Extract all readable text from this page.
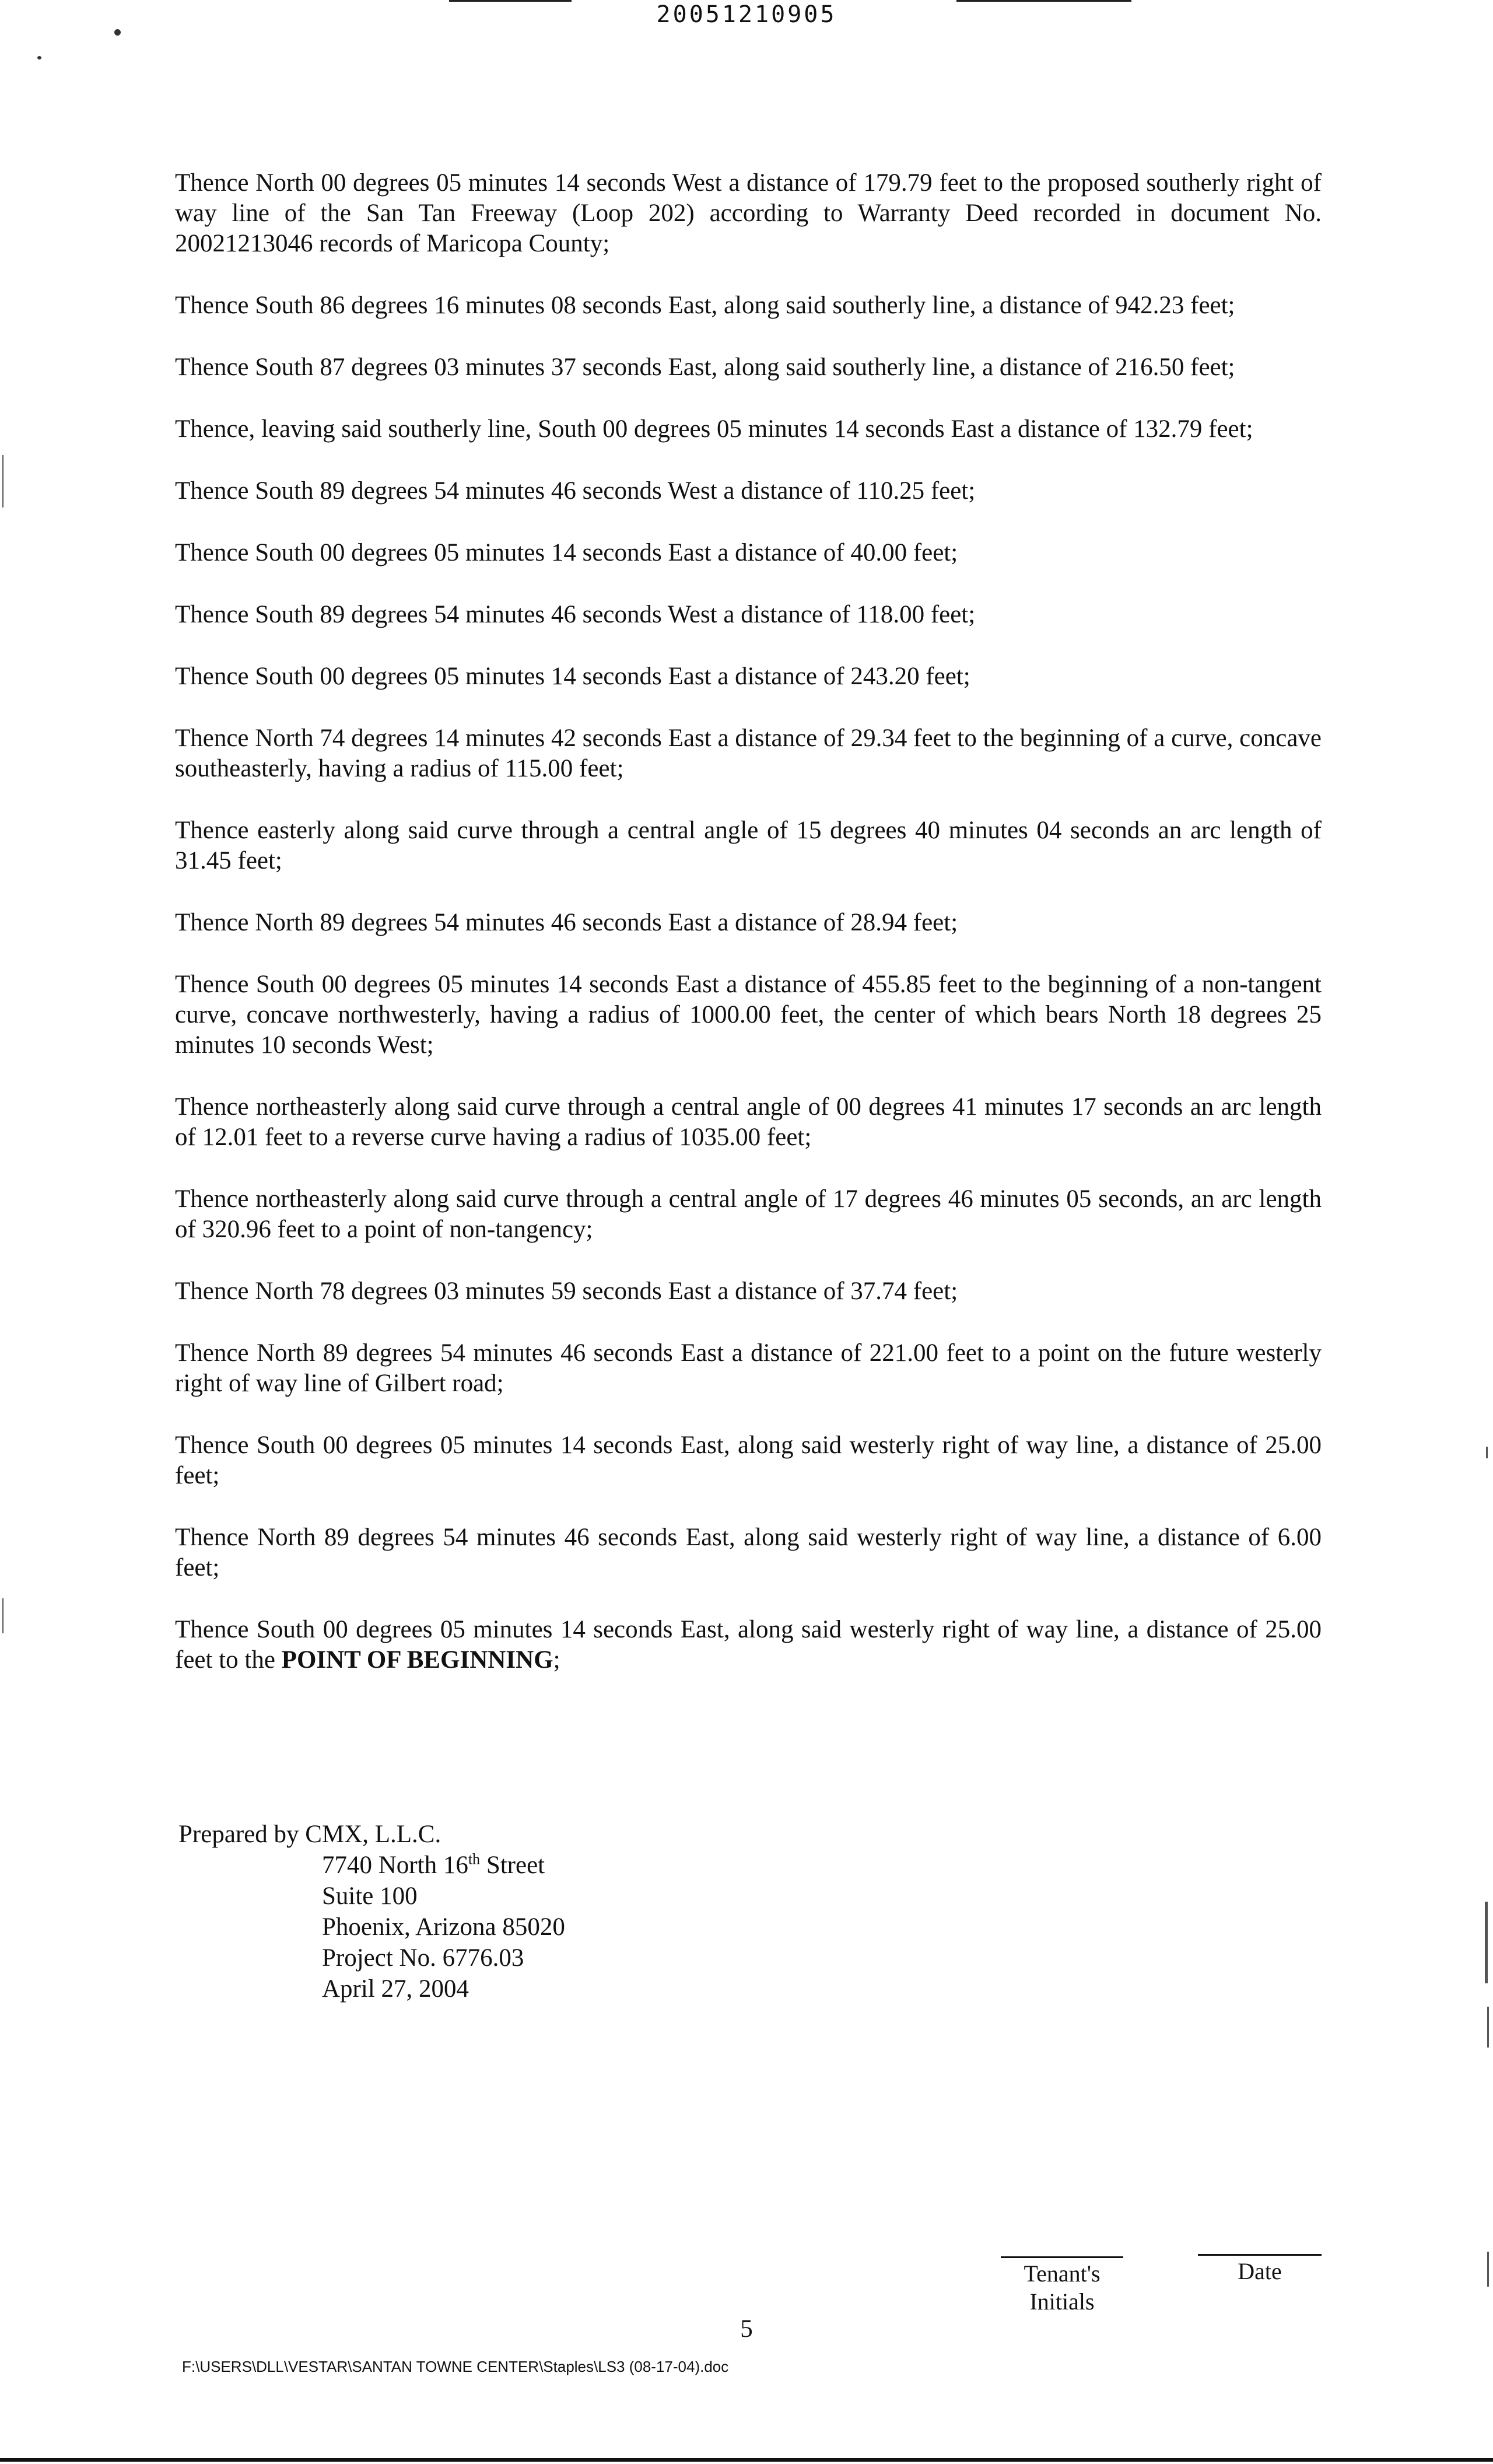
20051210905

Thence North 00 degrees 05 minutes 14 seconds West a distance of 179.79 feet to the proposed southerly right of way line of the San Tan Freeway (Loop 202) according to Warranty Deed recorded in document No. 20021213046 records of Maricopa County;

Thence South 86 degrees 16 minutes 08 seconds East, along said southerly line, a distance of 942.23 feet;

Thence South 87 degrees 03 minutes 37 seconds East, along said southerly line, a distance of 216.50 feet;

Thence, leaving said southerly line, South 00 degrees 05 minutes 14 seconds East a distance of 132.79 feet;

Thence South 89 degrees 54 minutes 46 seconds West a distance of 110.25 feet;

Thence South 00 degrees 05 minutes 14 seconds East a distance of 40.00 feet;

Thence South 89 degrees 54 minutes 46 seconds West a distance of 118.00 feet;

Thence South 00 degrees 05 minutes 14 seconds East a distance of 243.20 feet;

Thence North 74 degrees 14 minutes 42 seconds East a distance of 29.34 feet to the beginning of a curve, concave southeasterly, having a radius of 115.00 feet;

Thence easterly along said curve through a central angle of 15 degrees 40 minutes 04 seconds an arc length of 31.45 feet;

Thence North 89 degrees 54 minutes 46 seconds East a distance of 28.94 feet;

Thence South 00 degrees 05 minutes 14 seconds East a distance of 455.85 feet to the beginning of a non-tangent curve, concave northwesterly, having a radius of 1000.00 feet, the center of which bears North 18 degrees 25 minutes 10 seconds West;

Thence northeasterly along said curve through a central angle of 00 degrees 41 minutes 17 seconds an arc length of 12.01 feet to a reverse curve having a radius of 1035.00 feet;

Thence northeasterly along said curve through a central angle of 17 degrees 46 minutes 05 seconds, an arc length of 320.96 feet to a point of non-tangency;

Thence North 78 degrees 03 minutes 59 seconds East a distance of 37.74 feet;

Thence North 89 degrees 54 minutes 46 seconds East a distance of 221.00 feet to a point on the future westerly right of way line of Gilbert road;

Thence South 00 degrees 05 minutes 14 seconds East, along said westerly right of way line, a distance of 25.00 feet;

Thence North 89 degrees 54 minutes 46 seconds East, along said westerly right of way line, a distance of 6.00 feet;

Thence South 00 degrees 05 minutes 14 seconds East, along said westerly right of way line, a distance of 25.00 feet to the POINT OF BEGINNING;

Prepared by CMX, L.L.C.
7740 North 16th Street
Suite 100
Phoenix, Arizona 85020
Project No. 6776.03
April 27, 2004
Tenant's
Initials
Date
5
F:\USERS\DLL\VESTAR\SANTAN TOWNE CENTER\Staples\LS3 (08-17-04).doc
